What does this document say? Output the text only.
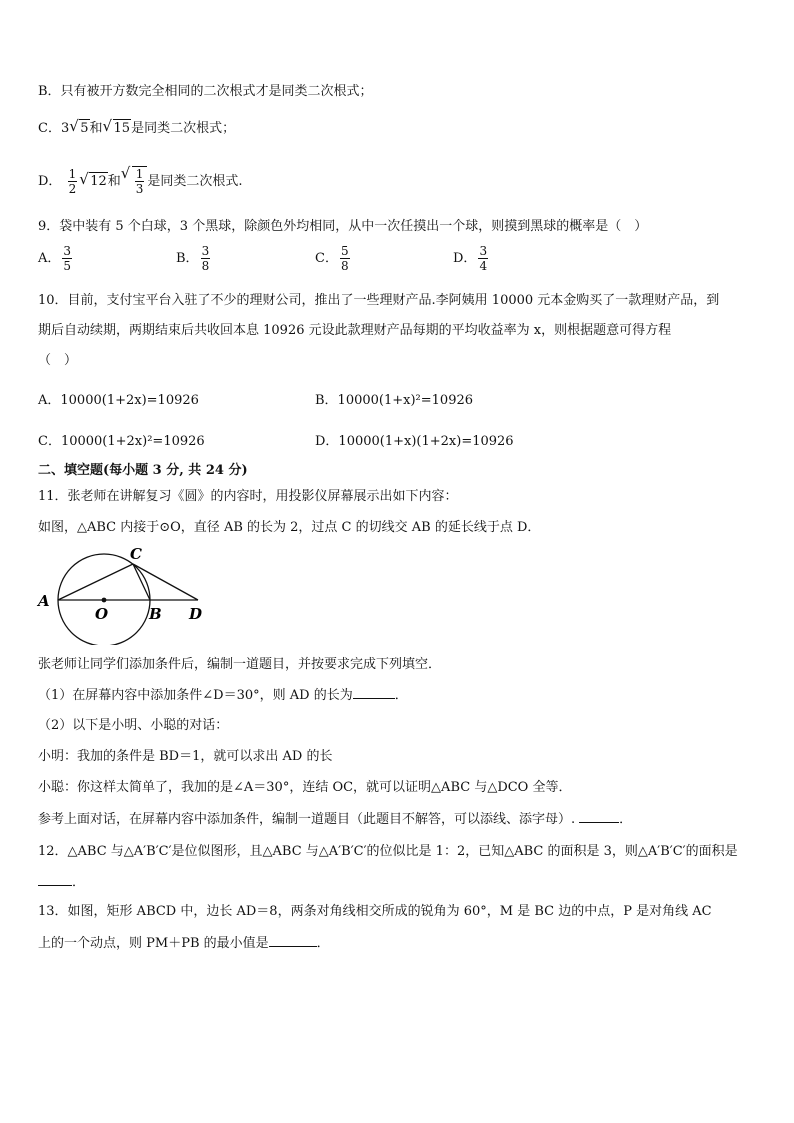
B．只有被开方数完全相同的二次根式才是同类二次根式；
C．3 √ 5和 √ 15是同类二次根式；
D． $\frac{1}{2}$ √ 12和 √ $\frac{1}{3}$ 是同类二次根式.
9．袋中装有 5 个白球，3 个黑球，除颜色外均相同，从中一次任摸出一个球，则摸到黑球的概率是（　）
A． $\frac{3}{5}$	B． $\frac{3}{8}$	C． $\frac{5}{8}$	D． $\frac{3}{4}$
10．目前，支付宝平台入驻了不少的理财公司，推出了一些理财产品.李阿姨用 10000 元本金购买了一款理财产品，到
期后自动续期，两期结束后共收回本息 10926 元设此款理财产品每期的平均收益率为 x，则根据题意可得方程
（　）
A．10000(1+2x)=10926	B．10000(1+x)²=10926
C．10000(1+2x)²=10926	D．10000(1+x)(1+2x)=10926
二、填空题(每小题 3 分, 共 24 分)
11．张老师在讲解复习《圆》的内容时，用投影仪屏幕展示出如下内容：
如图，△ABC 内接于⊙O，直径 AB 的长为 2，过点 C 的切线交 AB 的延长线于点 D．
C
A
O	B D
张老师让同学们添加条件后，编制一道题目，并按要求完成下列填空．
（1）在屏幕内容中添加条件∠D＝30°，则 AD 的长为	．
（2）以下是小明、小聪的对话：
小明：我加的条件是 BD＝1，就可以求出 AD 的长
小聪：你这样太简单了，我加的是∠A＝30°，连结 OC，就可以证明△ABC 与△DCO 全等．
参考上面对话，在屏幕内容中添加条件，编制一道题目（此题目不解答，可以添线、添字母）.	．
12．△ABC 与△A′B′C′是位似图形，且△ABC 与△A′B′C′的位似比是 1：2，已知△ABC 的面积是 3，则△A′B′C′的面积是
．
13．如图，矩形 ABCD 中，边长 AD＝8，两条对角线相交所成的锐角为 60°，M 是 BC 边的中点，P 是对角线 AC
上的一个动点，则 PM＋PB 的最小值是	．
